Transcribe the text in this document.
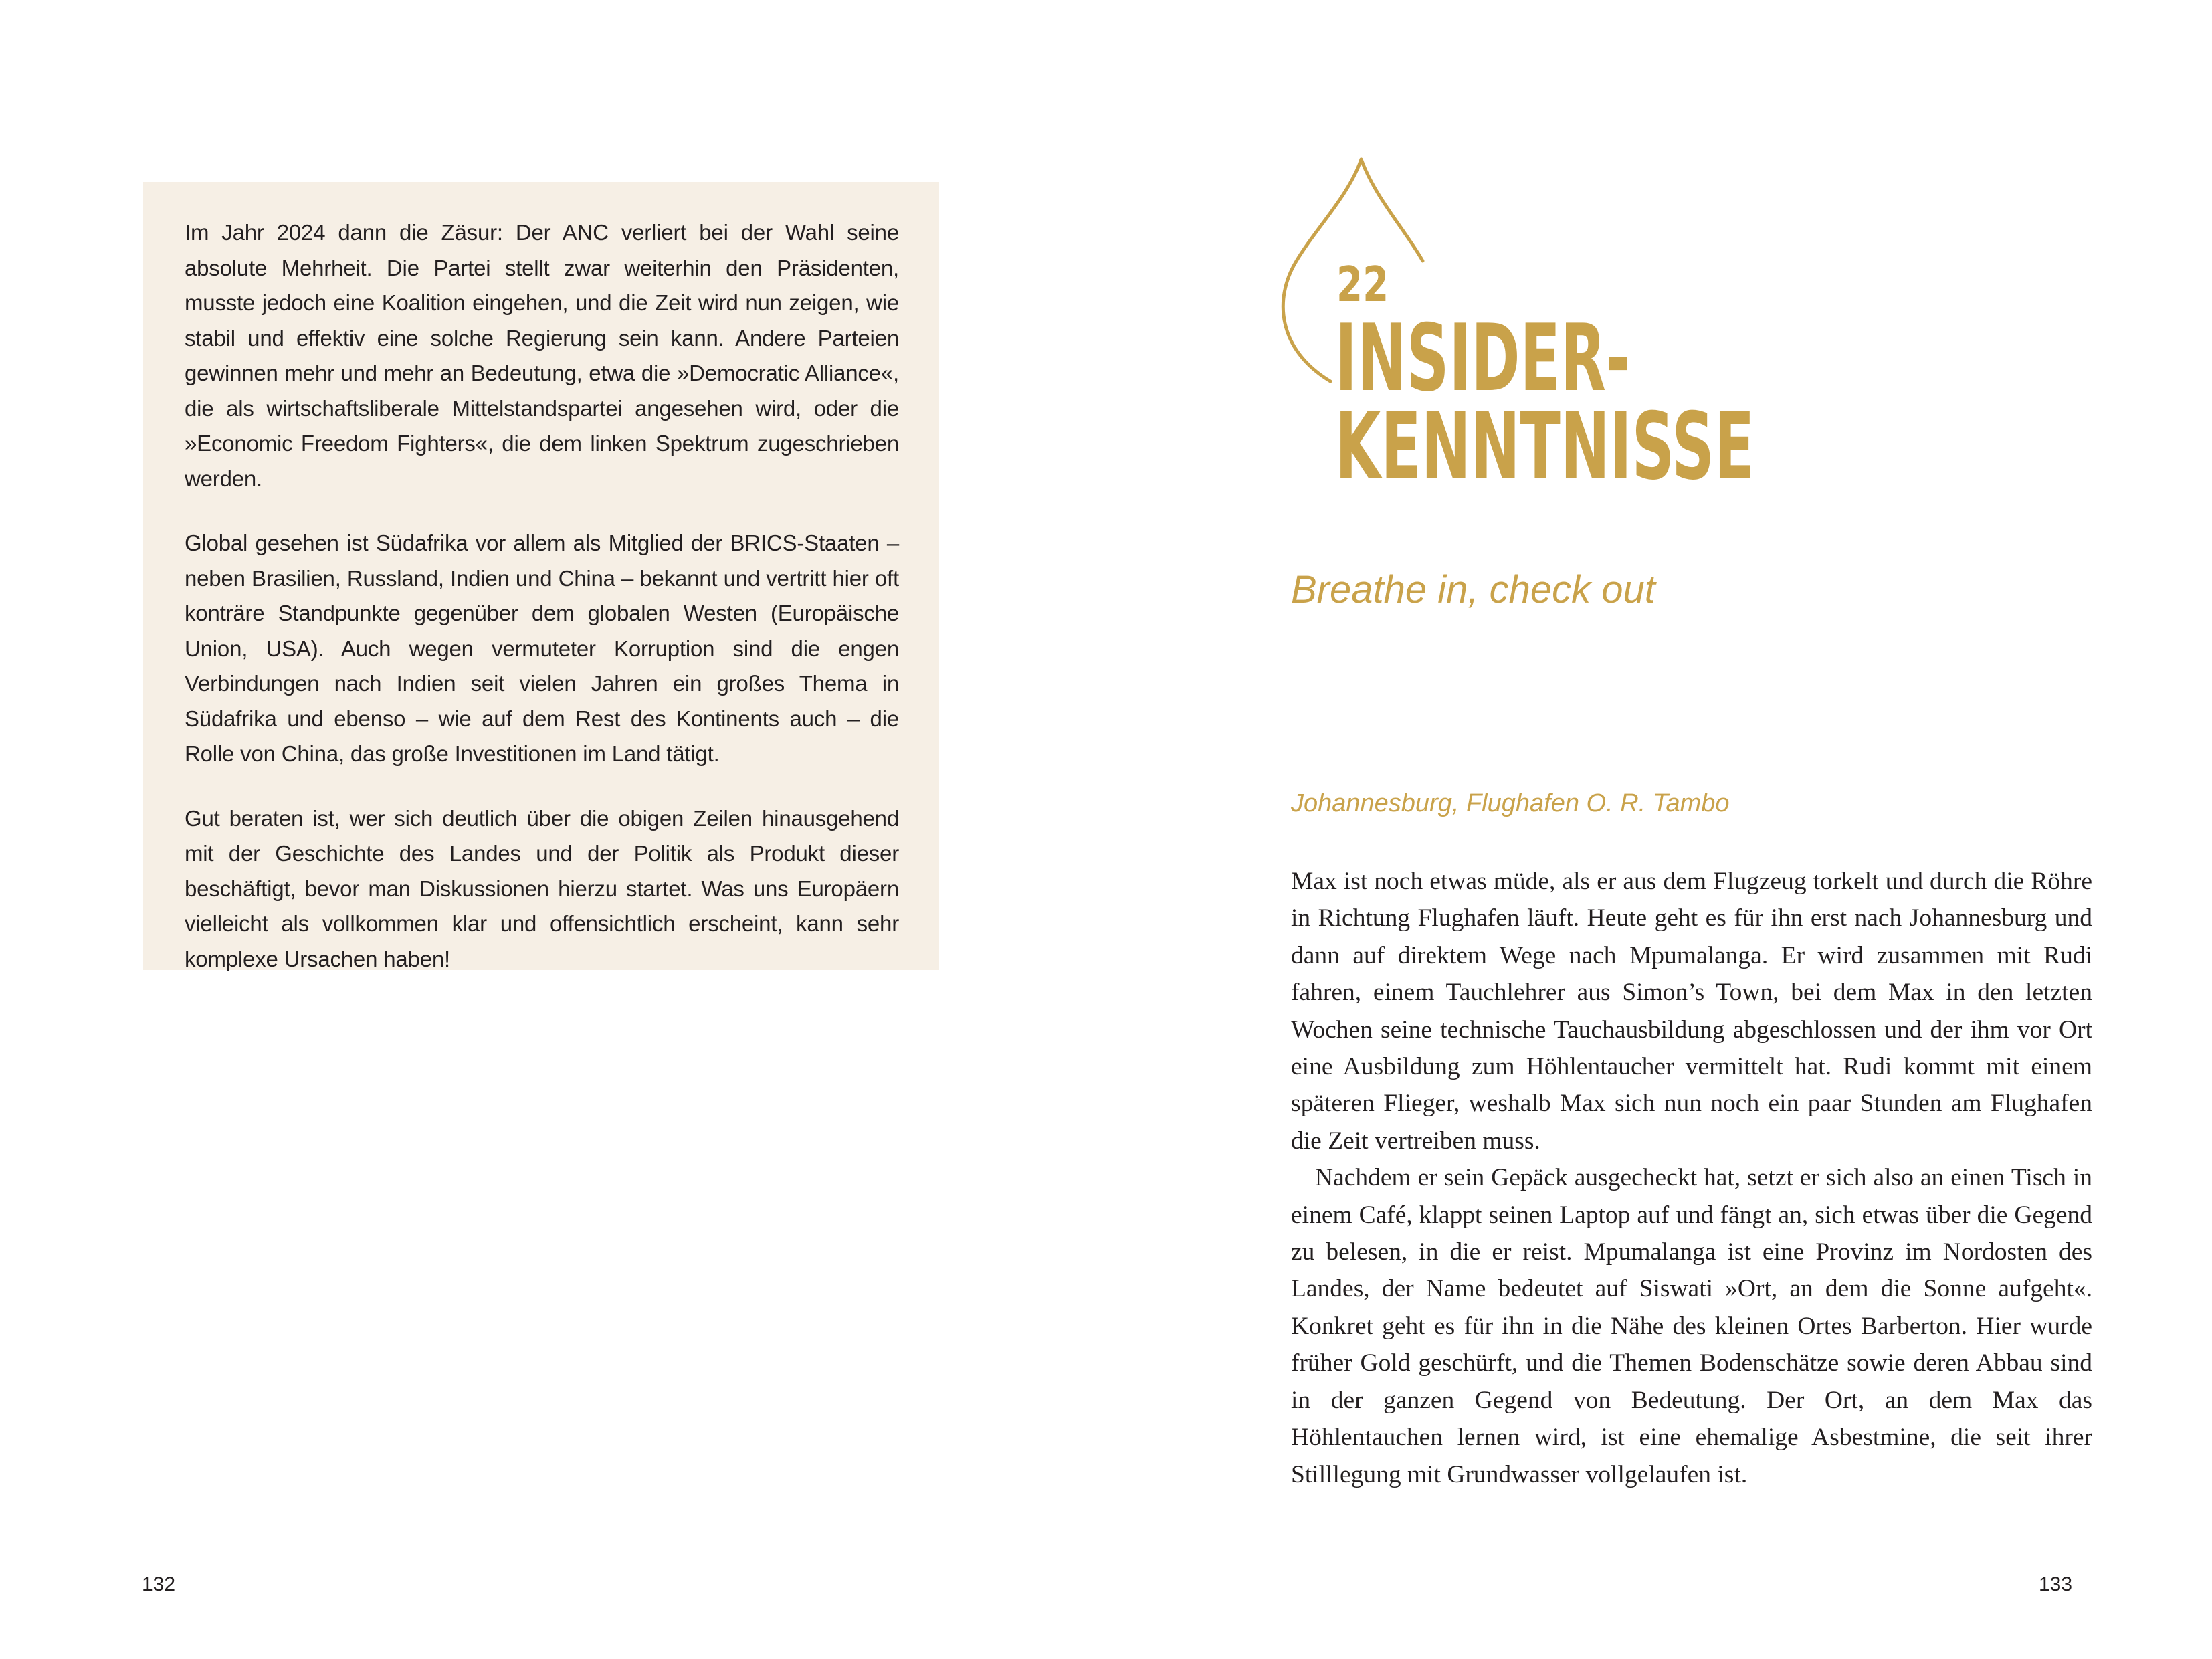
Im Jahr 2024 dann die Zäsur: Der ANC verliert bei der Wahl seine absolute Mehrheit. Die Partei stellt zwar weiterhin den Präsidenten, musste jedoch eine Koalition eingehen, und die Zeit wird nun zeigen, wie stabil und effektiv eine solche Regierung sein kann. Andere Parteien gewinnen mehr und mehr an Bedeutung, etwa die »Democratic Alliance«, die als wirtschaftsliberale Mittelstandspartei angesehen wird, oder die »Economic Freedom Fighters«, die dem linken Spektrum zugeschrieben werden.

Global gesehen ist Südafrika vor allem als Mitglied der BRICS-Staaten – neben Brasilien, Russland, Indien und China – bekannt und vertritt hier oft konträre Standpunkte gegenüber dem globalen Westen (Europäische Union, USA). Auch wegen vermuteter Korruption sind die engen Verbindungen nach Indien seit vielen Jahren ein großes Thema in Südafrika und ebenso – wie auf dem Rest des Kontinents auch – die Rolle von China, das große Investitionen im Land tätigt.

Gut beraten ist, wer sich deutlich über die obigen Zeilen hinausgehend mit der Geschichte des Landes und der Politik als Produkt dieser beschäftigt, bevor man Diskussionen hierzu startet. Was uns Europäern vielleicht als vollkommen klar und offensichtlich erscheint, kann sehr komplexe Ursachen haben!

132
22
INSIDER-
KENNTNISSE
Breathe in, check out
Johannesburg, Flughafen O. R. Tambo

Max ist noch etwas müde, als er aus dem Flugzeug torkelt und durch die Röhre in Richtung Flughafen läuft. Heute geht es für ihn erst nach Johannesburg und dann auf direktem Wege nach Mpumalanga. Er wird zusammen mit Rudi fahren, einem Tauchlehrer aus Simon’s Town, bei dem Max in den letzten Wochen seine technische Tauchausbildung abgeschlossen und der ihm vor Ort eine Ausbildung zum Höhlentaucher vermittelt hat. Rudi kommt mit einem späteren Flieger, weshalb Max sich nun noch ein paar Stunden am Flughafen die Zeit vertreiben muss.

Nachdem er sein Gepäck ausgecheckt hat, setzt er sich also an einen Tisch in einem Café, klappt seinen Laptop auf und fängt an, sich etwas über die Gegend zu belesen, in die er reist. Mpumalanga ist eine Provinz im Nordosten des Landes, der Name bedeutet auf Siswati »Ort, an dem die Sonne aufgeht«. Konkret geht es für ihn in die Nähe des kleinen Ortes Barberton. Hier wurde früher Gold geschürft, und die Themen Bodenschätze sowie deren Abbau sind in der ganzen Gegend von Bedeutung. Der Ort, an dem Max das Höhlentauchen lernen wird, ist eine ehemalige Asbestmine, die seit ihrer Stilllegung mit Grundwasser vollgelaufen ist.

133
